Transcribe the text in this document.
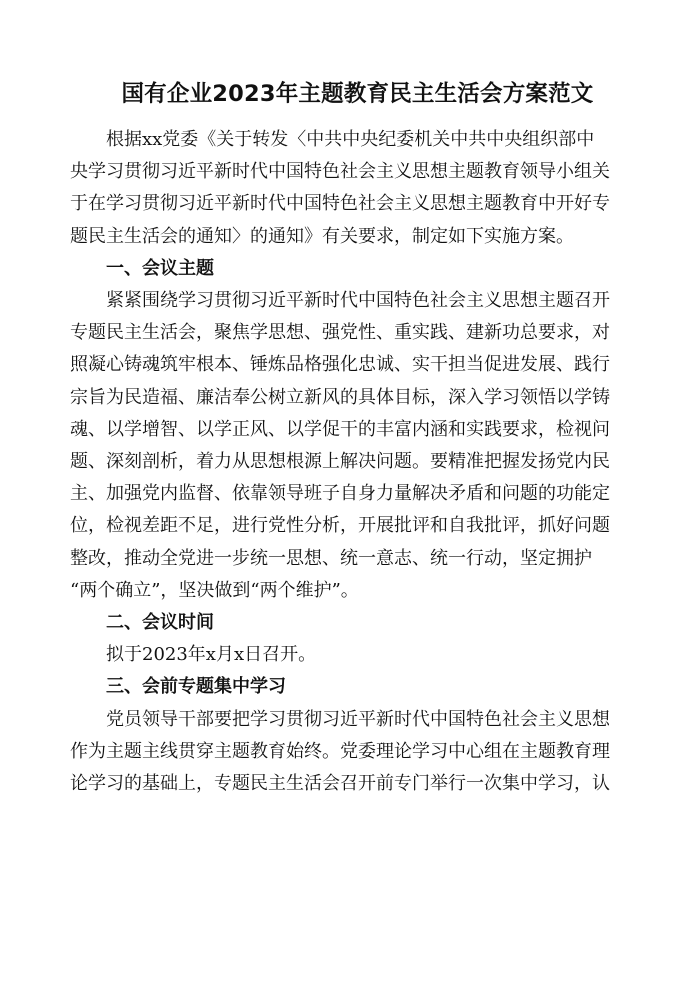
国有企业2023年主题教育民主生活会方案范文

根据xx党委《关于转发〈中共中央纪委机关中共中央组织部中
央学习贯彻习近平新时代中国特色社会主义思想主题教育领导小组关
于在学习贯彻习近平新时代中国特色社会主义思想主题教育中开好专
题民主生活会的通知〉的通知》有关要求，制定如下实施方案。

一、会议主题

紧紧围绕学习贯彻习近平新时代中国特色社会主义思想主题召开
专题民主生活会，聚焦学思想、强党性、重实践、建新功总要求，对
照凝心铸魂筑牢根本、锤炼品格强化忠诚、实干担当促进发展、践行
宗旨为民造福、廉洁奉公树立新风的具体目标，深入学习领悟以学铸
魂、以学增智、以学正风、以学促干的丰富内涵和实践要求，检视问
题、深刻剖析，着力从思想根源上解决问题。要精准把握发扬党内民
主、加强党内监督、依靠领导班子自身力量解决矛盾和问题的功能定
位，检视差距不足，进行党性分析，开展批评和自我批评，抓好问题
整改，推动全党进一步统一思想、统一意志、统一行动，坚定拥护
“两个确立”，坚决做到“两个维护”。

二、会议时间

拟于2023年x月x日召开。

三、会前专题集中学习

党员领导干部要把学习贯彻习近平新时代中国特色社会主义思想
作为主题主线贯穿主题教育始终。党委理论学习中心组在主题教育理
论学习的基础上，专题民主生活会召开前专门举行一次集中学习，认
